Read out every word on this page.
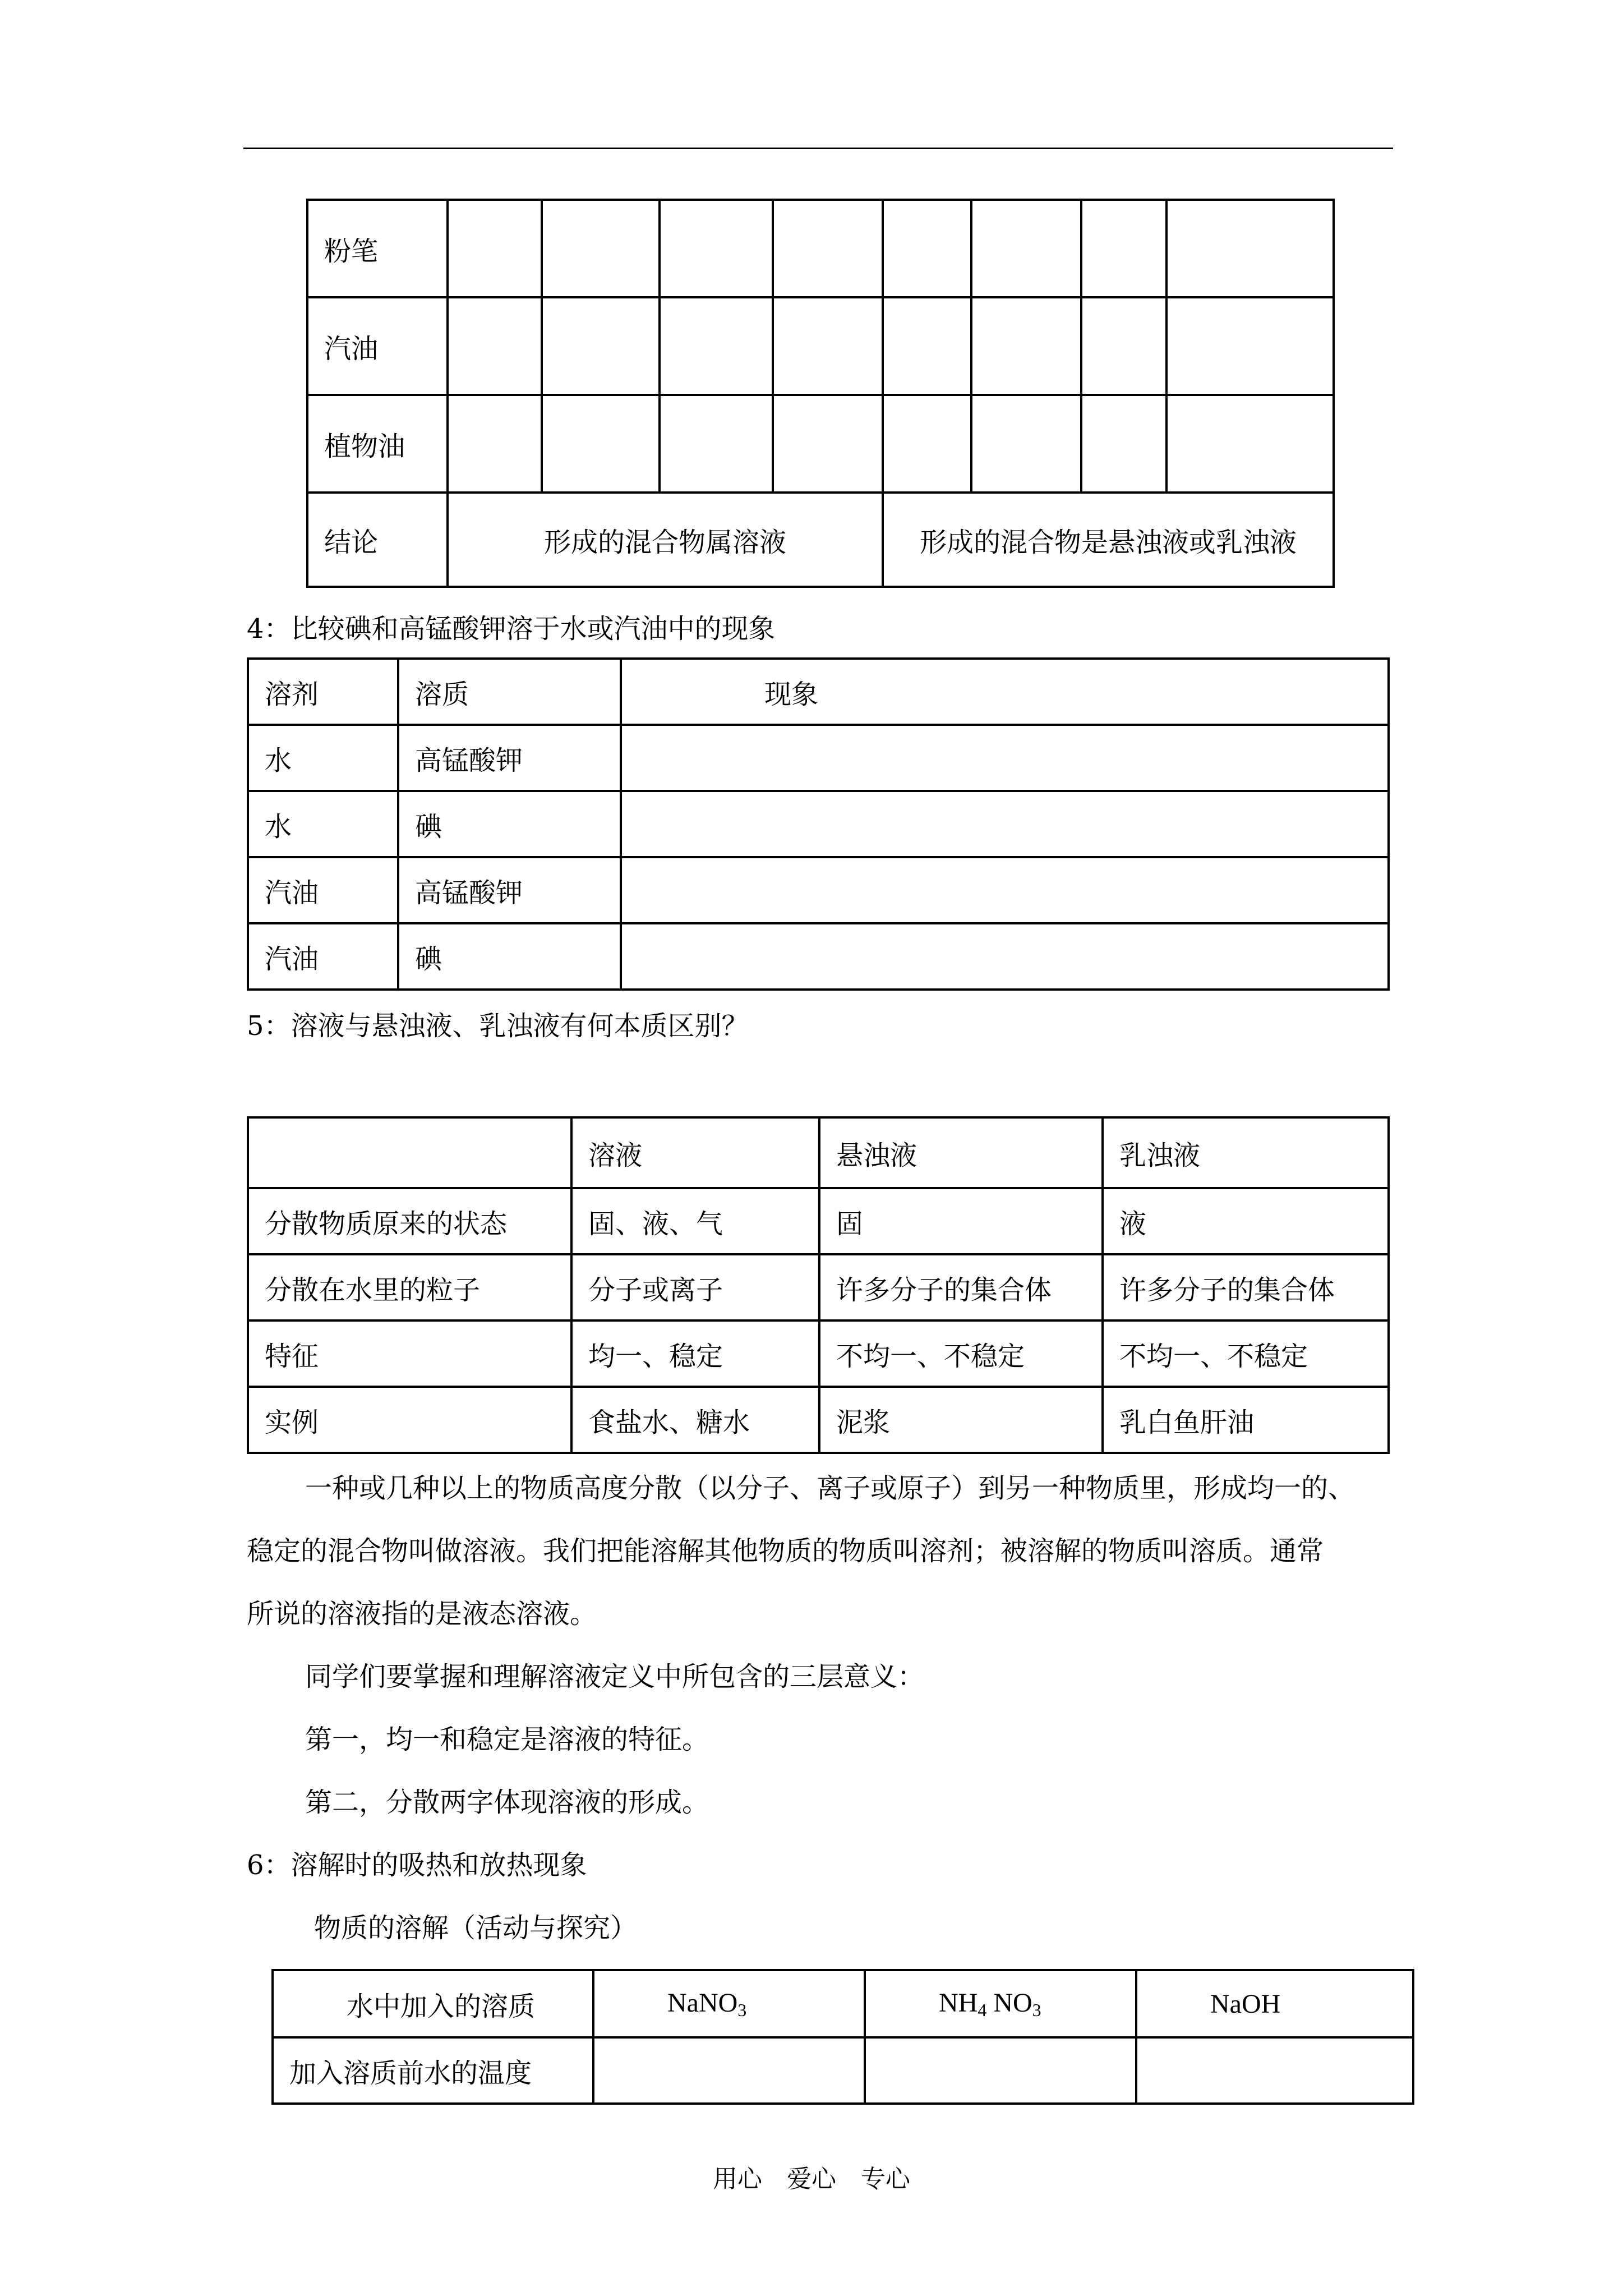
粉笔								
汽油								
植物油								
结论	形成的混合物属溶液				形成的混合物是悬浊液或乳浊液			
4：比较碘和高锰酸钾溶于水或汽油中的现象
溶剂	溶质	现象
水	高锰酸钾	
水	碘	
汽油	高锰酸钾	
汽油	碘	
5：溶液与悬浊液、乳浊液有何本质区别？
	溶液	悬浊液	乳浊液
分散物质原来的状态	固、液、气	固	液
分散在水里的粒子	分子或离子	许多分子的集合体	许多分子的集合体
特征	均一、稳定	不均一、不稳定	不均一、不稳定
实例	食盐水、糖水	泥浆	乳白鱼肝油
一种或几种以上的物质高度分散（以分子、离子或原子）到另一种物质里，形成均一的、
稳定的混合物叫做溶液。我们把能溶解其他物质的物质叫溶剂；被溶解的物质叫溶质。通常
所说的溶液指的是液态溶液。
同学们要掌握和理解溶液定义中所包含的三层意义：
第一，均一和稳定是溶液的特征。
第二，分散两字体现溶液的形成。
6：溶解时的吸热和放热现象
物质的溶解（活动与探究）
水中加入的溶质	NaNO$_3$	$NH_4$ $NO_3$	NaOH
加入溶质前水的温度			
用心　爱心　专心
